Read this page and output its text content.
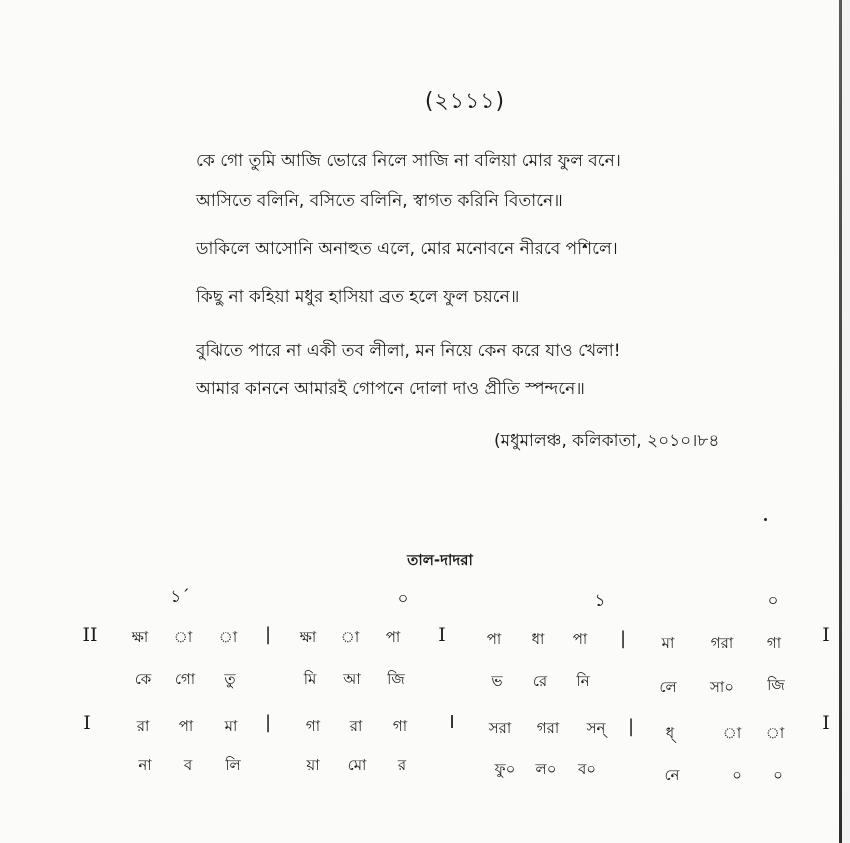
(২১১১)
কে গো তুমি আজি ভোরে নিলে সাজি না বলিয়া মোর ফুল বনে।
আসিতে বলিনি, বসিতে বলিনি, স্বাগত করিনি বিতানে॥
ডাকিলে আসোনি অনাহুত এলে, মোর মনোবনে নীরবে পশিলে।
কিছু না কহিয়া মধুর হাসিয়া ব্রত হলে ফুল চয়নে॥
বুঝিতে পারে না একী তব লীলা, মন নিয়ে কেন করে যাও খেলা!
আমার কাননে আমারই গোপনে দোলা দাও প্রীতি স্পন্দনে॥
(মধুমালঞ্চ, কলিকাতা, ২০১০।৮৪
তাল-দাদরা
১´	০	১	০
II ক্ষা া া | ক্ষা া পা I	পা ধা পা | মা গরা গা I
কে গো তু	মি আ জি	ভ রে নি	লে সা০ জি
I	রা পা মা | গা রা গা I সরা গরা সন্ | ধ্	া া I
না ব লি	য়া মো র	ফু০ ল০ ব০	নে	০ ০
